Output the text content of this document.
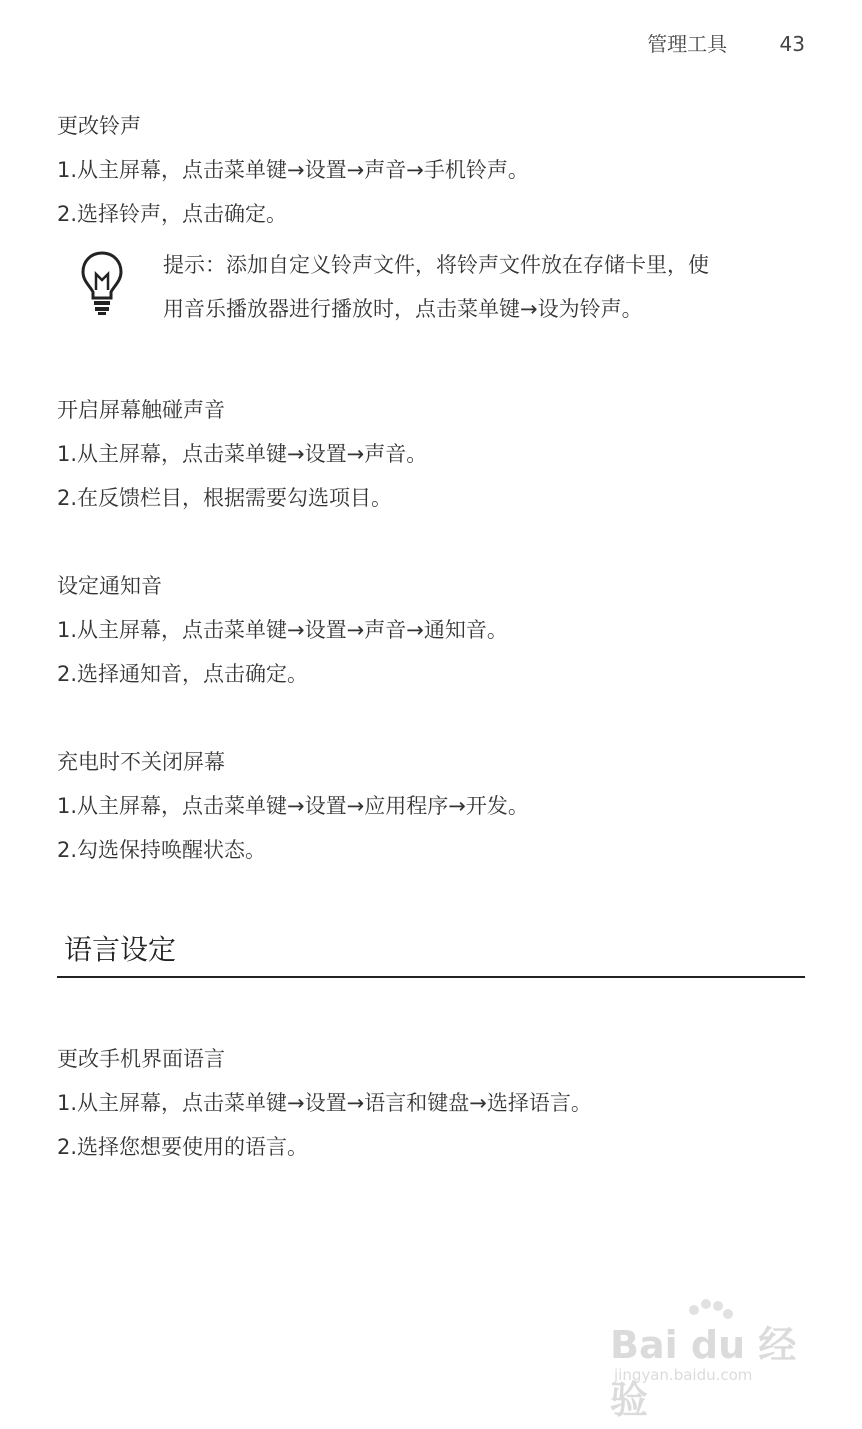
管理工具	43
更改铃声
1.从主屏幕，点击菜单键→设置→声音→手机铃声。
2.选择铃声，点击确定。
提示：添加自定义铃声文件，将铃声文件放在存储卡里，使
用音乐播放器进行播放时，点击菜单键→设为铃声。
开启屏幕触碰声音
1.从主屏幕，点击菜单键→设置→声音。
2.在反馈栏目，根据需要勾选项目。
设定通知音
1.从主屏幕，点击菜单键→设置→声音→通知音。
2.选择通知音，点击确定。
充电时不关闭屏幕
1.从主屏幕，点击菜单键→设置→应用程序→开发。
2.勾选保持唤醒状态。
语言设定
更改手机界面语言
1.从主屏幕，点击菜单键→设置→语言和键盘→选择语言。
2.选择您想要使用的语言。
Bai du 经验
jingyan.baidu.com
